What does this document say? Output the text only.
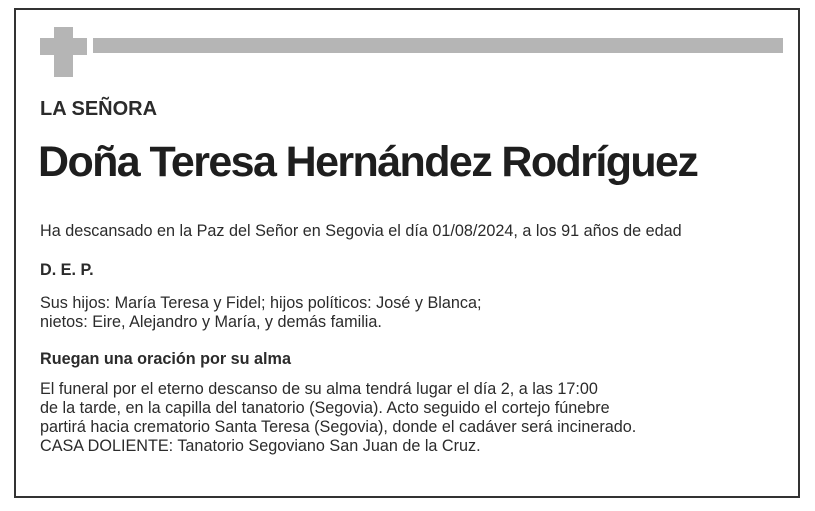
LA SEÑORA

Doña Teresa Hernández Rodríguez

Ha descansado en la Paz del Señor en Segovia el día 01/08/2024, a los 91 años de edad

D. E. P.

Sus hijos: María Teresa y Fidel; hijos políticos: José y Blanca;
nietos: Eire, Alejandro y María, y demás familia.

Ruegan una oración por su alma

El funeral por el eterno descanso de su alma tendrá lugar el día 2, a las 17:00
de la tarde, en la capilla del tanatorio (Segovia). Acto seguido el cortejo fúnebre
partirá hacia crematorio Santa Teresa (Segovia), donde el cadáver será incinerado.
CASA DOLIENTE: Tanatorio Segoviano San Juan de la Cruz.
